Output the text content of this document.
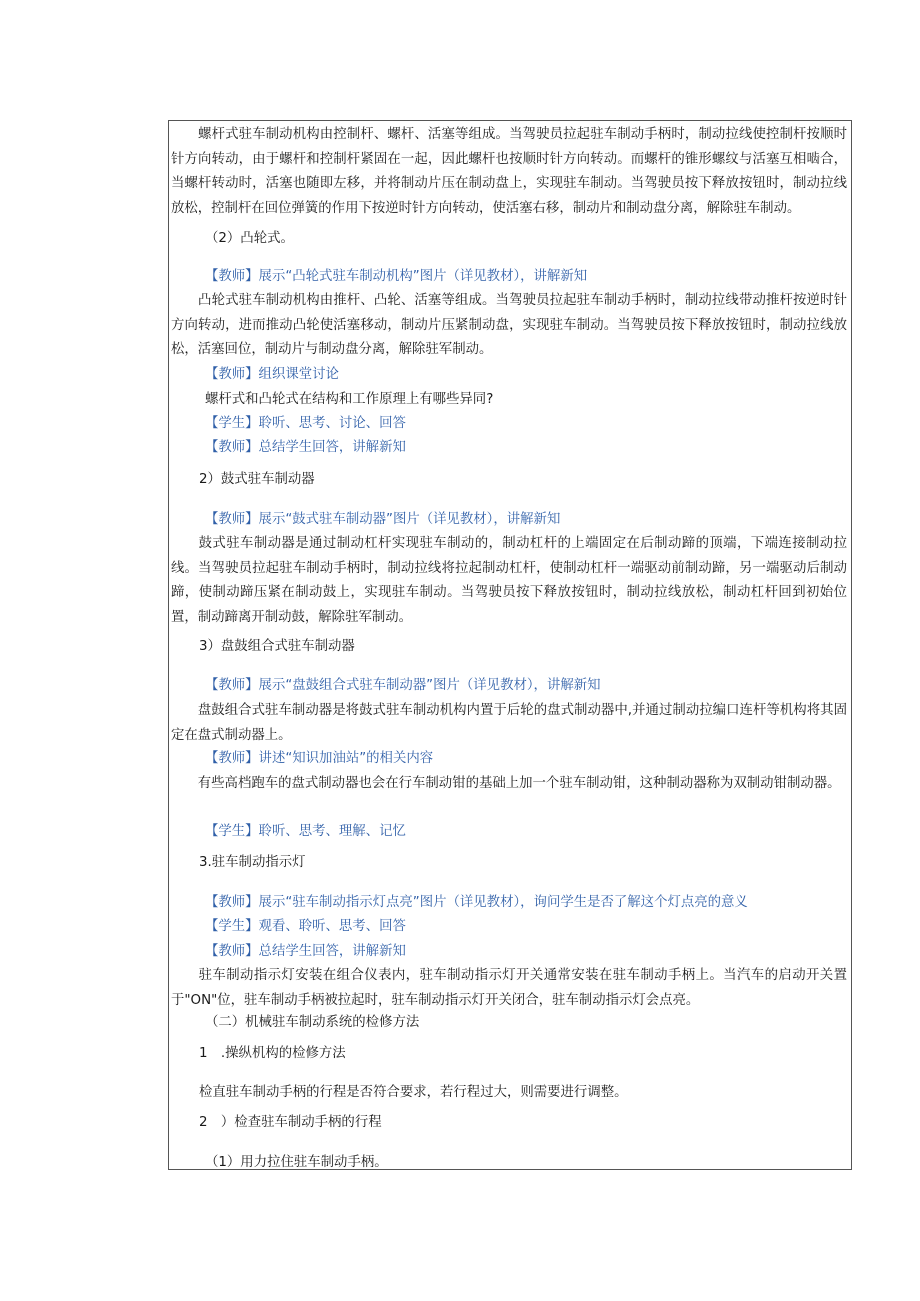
　　螺杆式驻车制动机构由控制杆、螺杆、活塞等组成。当驾驶员拉起驻车制动手柄时，制动拉线使控制杆按顺时针方向转动，由于螺杆和控制杆紧固在一起，因此螺杆也按顺时针方向转动。而螺杆的锥形螺纹与活塞互相啮合，当螺杆转动时，活塞也随即左移，并将制动片压在制动盘上，实现驻车制动。当驾驶员按下释放按钮时，制动拉线放松，控制杆在回位弹簧的作用下按逆时针方向转动，使活塞右移，制动片和制动盘分离，解除驻车制动。

（2）凸轮式。
【教师】展示“凸轮式驻车制动机构”图片（详见教材），讲解新知

　　凸轮式驻车制动机构由推杆、凸轮、活塞等组成。当驾驶员拉起驻车制动手柄时，制动拉线带动推杆按逆时针方向转动，进而推动凸轮使活塞移动，制动片压紧制动盘，实现驻车制动。当驾驶员按下释放按钮时，制动拉线放松，活塞回位，制动片与制动盘分离，解除驻军制动。

【教师】组织课堂讨论
螺杆式和凸轮式在结构和工作原理上有哪些异同?
【学生】聆听、思考、讨论、回答
【教师】总结学生回答，讲解新知
2）鼓式驻车制动器
【教师】展示“鼓式驻车制动器”图片（详见教材），讲解新知

　　鼓式驻车制动器是通过制动杠杆实现驻车制动的，制动杠杆的上端固定在后制动蹄的顶端，下端连接制动拉线。当驾驶员拉起驻车制动手柄时，制动拉线将拉起制动杠杆，使制动杠杆一端驱动前制动蹄，另一端驱动后制动蹄，使制动蹄压紧在制动鼓上，实现驻车制动。当驾驶员按下释放按钮时，制动拉线放松，制动杠杆回到初始位置，制动蹄离开制动鼓，解除驻军制动。

3）盘鼓组合式驻车制动器
【教师】展示“盘鼓组合式驻车制动器”图片（详见教材），讲解新知

　　盘鼓组合式驻车制动器是将鼓式驻车制动机构内置于后轮的盘式制动器中,并通过制动拉编口连杆等机构将其固定在盘式制动器上。

【教师】讲述“知识加油站”的相关内容

　　有些高档跑车的盘式制动器也会在行车制动钳的基础上加一个驻车制动钳，这种制动器称为双制动钳制动器。

【学生】聆听、思考、理解、记忆
3.驻车制动指示灯
【教师】展示“驻车制动指示灯点亮”图片（详见教材），询问学生是否了解这个灯点亮的意义
【学生】观看、聆听、思考、回答
【教师】总结学生回答，讲解新知

　　驻车制动指示灯安装在组合仪表内，驻车制动指示灯开关通常安装在驻车制动手柄上。当汽车的启动开关置于"ON"位，驻车制动手柄被拉起时，驻车制动指示灯开关闭合，驻车制动指示灯会点亮。

（二）机械驻车制动系统的检修方法
1　.操纵机构的检修方法
检直驻车制动手柄的行程是否符合要求，若行程过大，则需要进行调整。
2　）检查驻车制动手柄的行程
（1）用力拉住驻车制动手柄。
